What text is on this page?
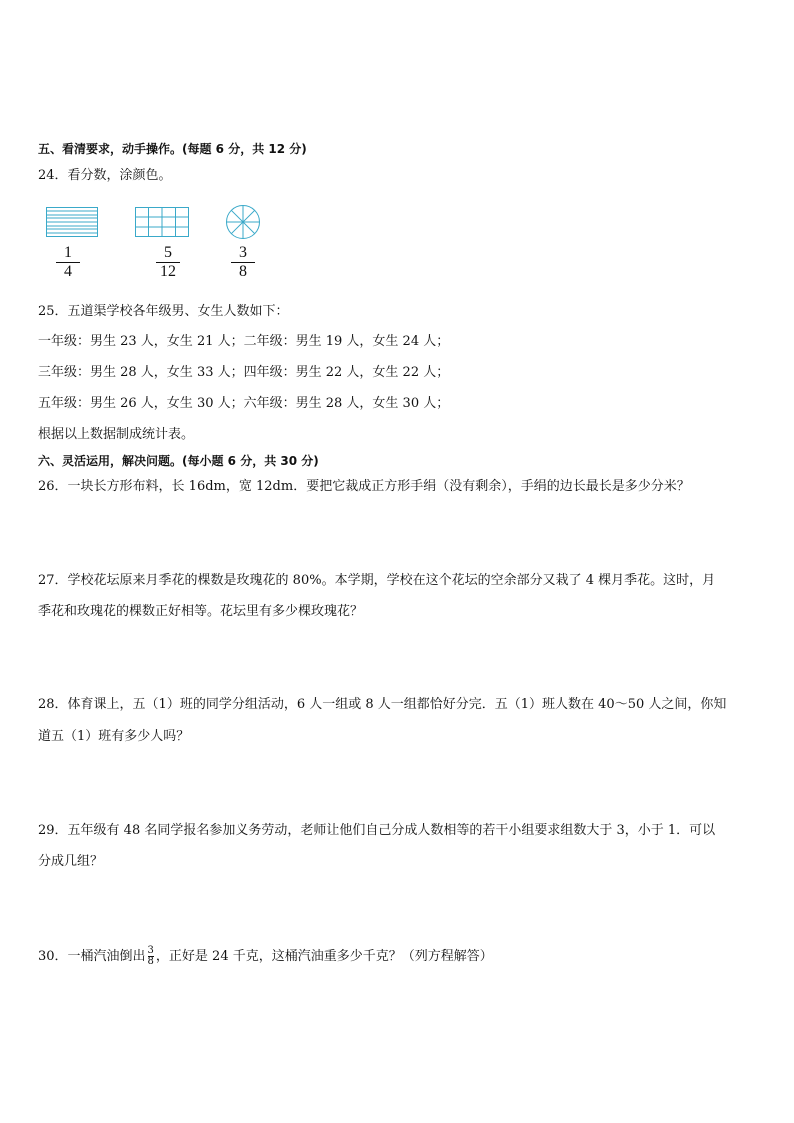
五、看清要求，动手操作。(每题 6 分，共 12 分)
24．看分数，涂颜色。
1
4
5
12
3
8
25．五道渠学校各年级男、女生人数如下：
一年级：男生 23 人，女生 21 人；二年级：男生 19 人，女生 24 人；
三年级：男生 28 人，女生 33 人；四年级：男生 22 人，女生 22 人；
五年级：男生 26 人，女生 30 人；六年级：男生 28 人，女生 30 人；
根据以上数据制成统计表。
六、灵活运用，解决问题。(每小题 6 分，共 30 分)
26．一块长方形布料，长 16dm，宽 12dm．要把它裁成正方形手绢（没有剩余），手绢的边长最长是多少分米？
27．学校花坛原来月季花的棵数是玫瑰花的 80%。本学期，学校在这个花坛的空余部分又栽了 4 棵月季花。这时，月
季花和玫瑰花的棵数正好相等。花坛里有多少棵玫瑰花？
28．体育课上，五（1）班的同学分组活动，6 人一组或 8 人一组都恰好分完．五（1）班人数在 40～50 人之间，你知
道五（1）班有多少人吗？
29．五年级有 48 名同学报名参加义务劳动，老师让他们自己分成人数相等的若干小组要求组数大于 3，小于 1．可以
分成几组？
30．一桶汽油倒出 $\frac{3}{8}$ ，正好是 24 千克，这桶汽油重多少千克？（列方程解答）
